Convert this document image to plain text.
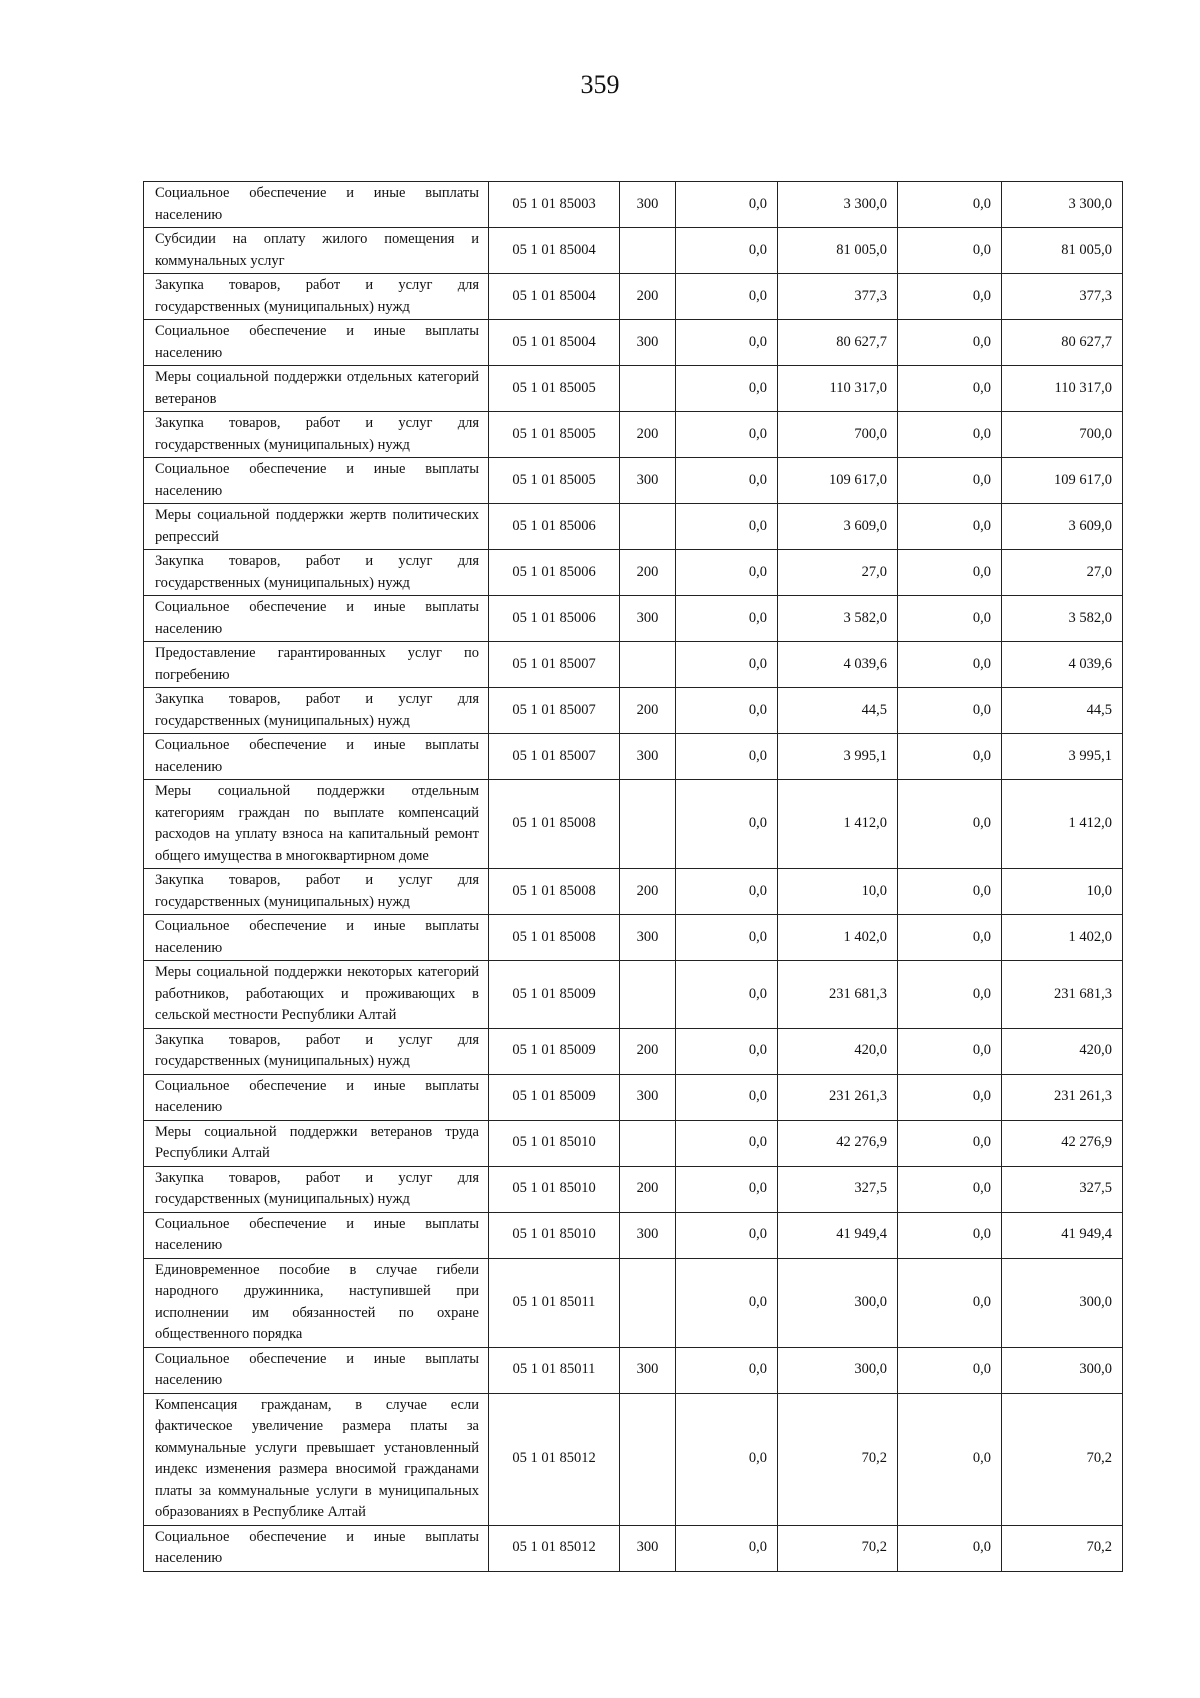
359
Социальное обеспечение и иные выплаты населению	05 1 01 85003	300	0,0	3 300,0	0,0	3 300,0
Субсидии на оплату жилого помещения и коммунальных услуг	05 1 01 85004		0,0	81 005,0	0,0	81 005,0
Закупка товаров, работ и услуг для государственных (муниципальных) нужд	05 1 01 85004	200	0,0	377,3	0,0	377,3
Социальное обеспечение и иные выплаты населению	05 1 01 85004	300	0,0	80 627,7	0,0	80 627,7
Меры социальной поддержки отдельных категорий ветеранов	05 1 01 85005		0,0	110 317,0	0,0	110 317,0
Закупка товаров, работ и услуг для государственных (муниципальных) нужд	05 1 01 85005	200	0,0	700,0	0,0	700,0
Социальное обеспечение и иные выплаты населению	05 1 01 85005	300	0,0	109 617,0	0,0	109 617,0
Меры социальной поддержки жертв политических репрессий	05 1 01 85006		0,0	3 609,0	0,0	3 609,0
Закупка товаров, работ и услуг для государственных (муниципальных) нужд	05 1 01 85006	200	0,0	27,0	0,0	27,0
Социальное обеспечение и иные выплаты населению	05 1 01 85006	300	0,0	3 582,0	0,0	3 582,0
Предоставление гарантированных услуг по погребению	05 1 01 85007		0,0	4 039,6	0,0	4 039,6
Закупка товаров, работ и услуг для государственных (муниципальных) нужд	05 1 01 85007	200	0,0	44,5	0,0	44,5
Социальное обеспечение и иные выплаты населению	05 1 01 85007	300	0,0	3 995,1	0,0	3 995,1
Меры социальной поддержки отдельным категориям граждан по выплате компенсаций расходов на уплату взноса на капитальный ремонт общего имущества в многоквартирном доме	05 1 01 85008		0,0	1 412,0	0,0	1 412,0
Закупка товаров, работ и услуг для государственных (муниципальных) нужд	05 1 01 85008	200	0,0	10,0	0,0	10,0
Социальное обеспечение и иные выплаты населению	05 1 01 85008	300	0,0	1 402,0	0,0	1 402,0
Меры социальной поддержки некоторых категорий работников, работающих и проживающих в сельской местности Республики Алтай	05 1 01 85009		0,0	231 681,3	0,0	231 681,3
Закупка товаров, работ и услуг для государственных (муниципальных) нужд	05 1 01 85009	200	0,0	420,0	0,0	420,0
Социальное обеспечение и иные выплаты населению	05 1 01 85009	300	0,0	231 261,3	0,0	231 261,3
Меры социальной поддержки ветеранов труда Республики Алтай	05 1 01 85010		0,0	42 276,9	0,0	42 276,9
Закупка товаров, работ и услуг для государственных (муниципальных) нужд	05 1 01 85010	200	0,0	327,5	0,0	327,5
Социальное обеспечение и иные выплаты населению	05 1 01 85010	300	0,0	41 949,4	0,0	41 949,4
Единовременное пособие в случае гибели народного дружинника, наступившей при исполнении им обязанностей по охране общественного порядка	05 1 01 85011		0,0	300,0	0,0	300,0
Социальное обеспечение и иные выплаты населению	05 1 01 85011	300	0,0	300,0	0,0	300,0
Компенсация гражданам, в случае если фактическое увеличение размера платы за коммунальные услуги превышает установленный индекс изменения размера вносимой гражданами платы за коммунальные услуги в муниципальных образованиях в Республике Алтай	05 1 01 85012		0,0	70,2	0,0	70,2
Социальное обеспечение и иные выплаты населению	05 1 01 85012	300	0,0	70,2	0,0	70,2
